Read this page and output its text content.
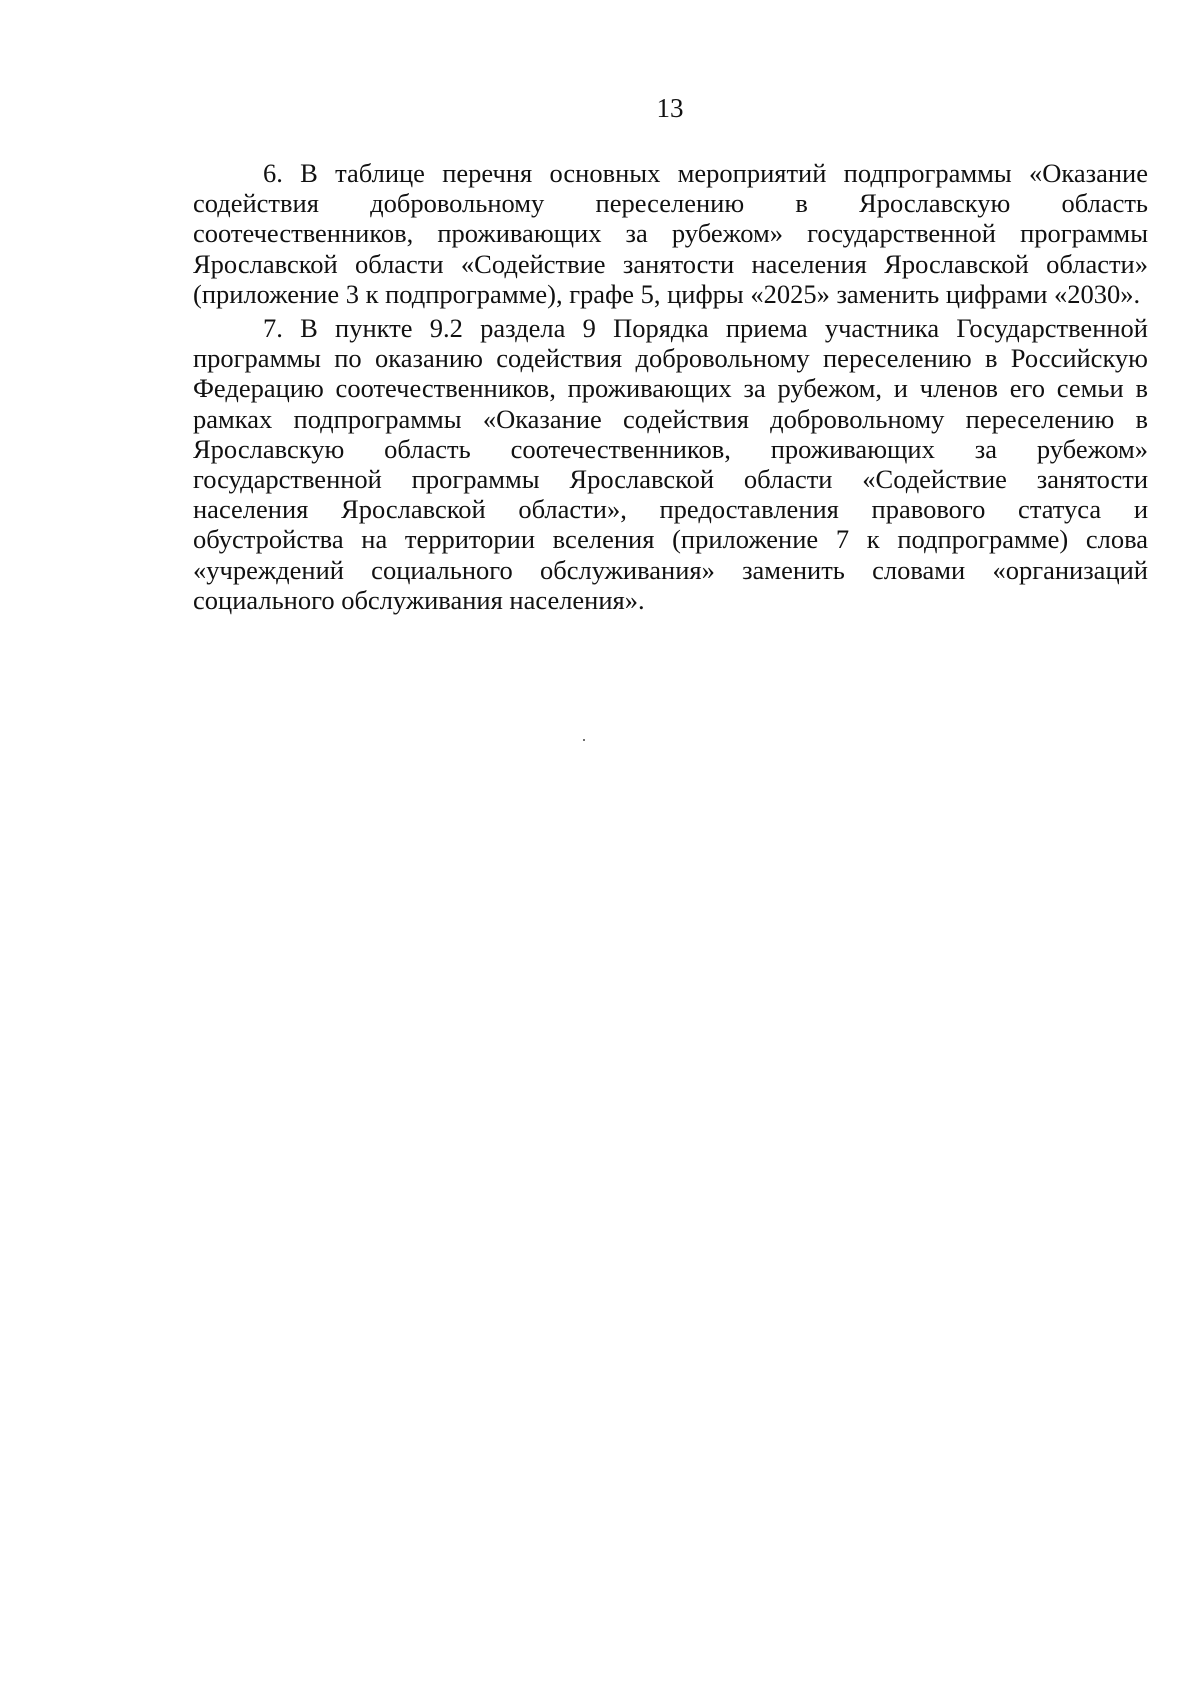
13

6. В таблице перечня основных мероприятий подпрограммы «Оказание содействия добровольному переселению в Ярославскую область соотечественников, проживающих за рубежом» государственной программы Ярославской области «Содействие занятости населения Ярославской области» (приложение 3 к подпрограмме), графе 5, цифры «2025» заменить цифрами «2030».

7. В пункте 9.2 раздела 9 Порядка приема участника Государственной программы по оказанию содействия добровольному переселению в Российскую Федерацию соотечественников, проживающих за рубежом, и членов его семьи в рамках подпрограммы «Оказание содействия добровольному переселению в Ярославскую область соотечественников, проживающих за рубежом» государственной программы Ярославской области «Содействие занятости населения Ярославской области», предоставления правового статуса и обустройства на территории вселения (приложение 7 к подпрограмме) слова «учреждений социального обслуживания» заменить словами «организаций социального обслуживания населения».
